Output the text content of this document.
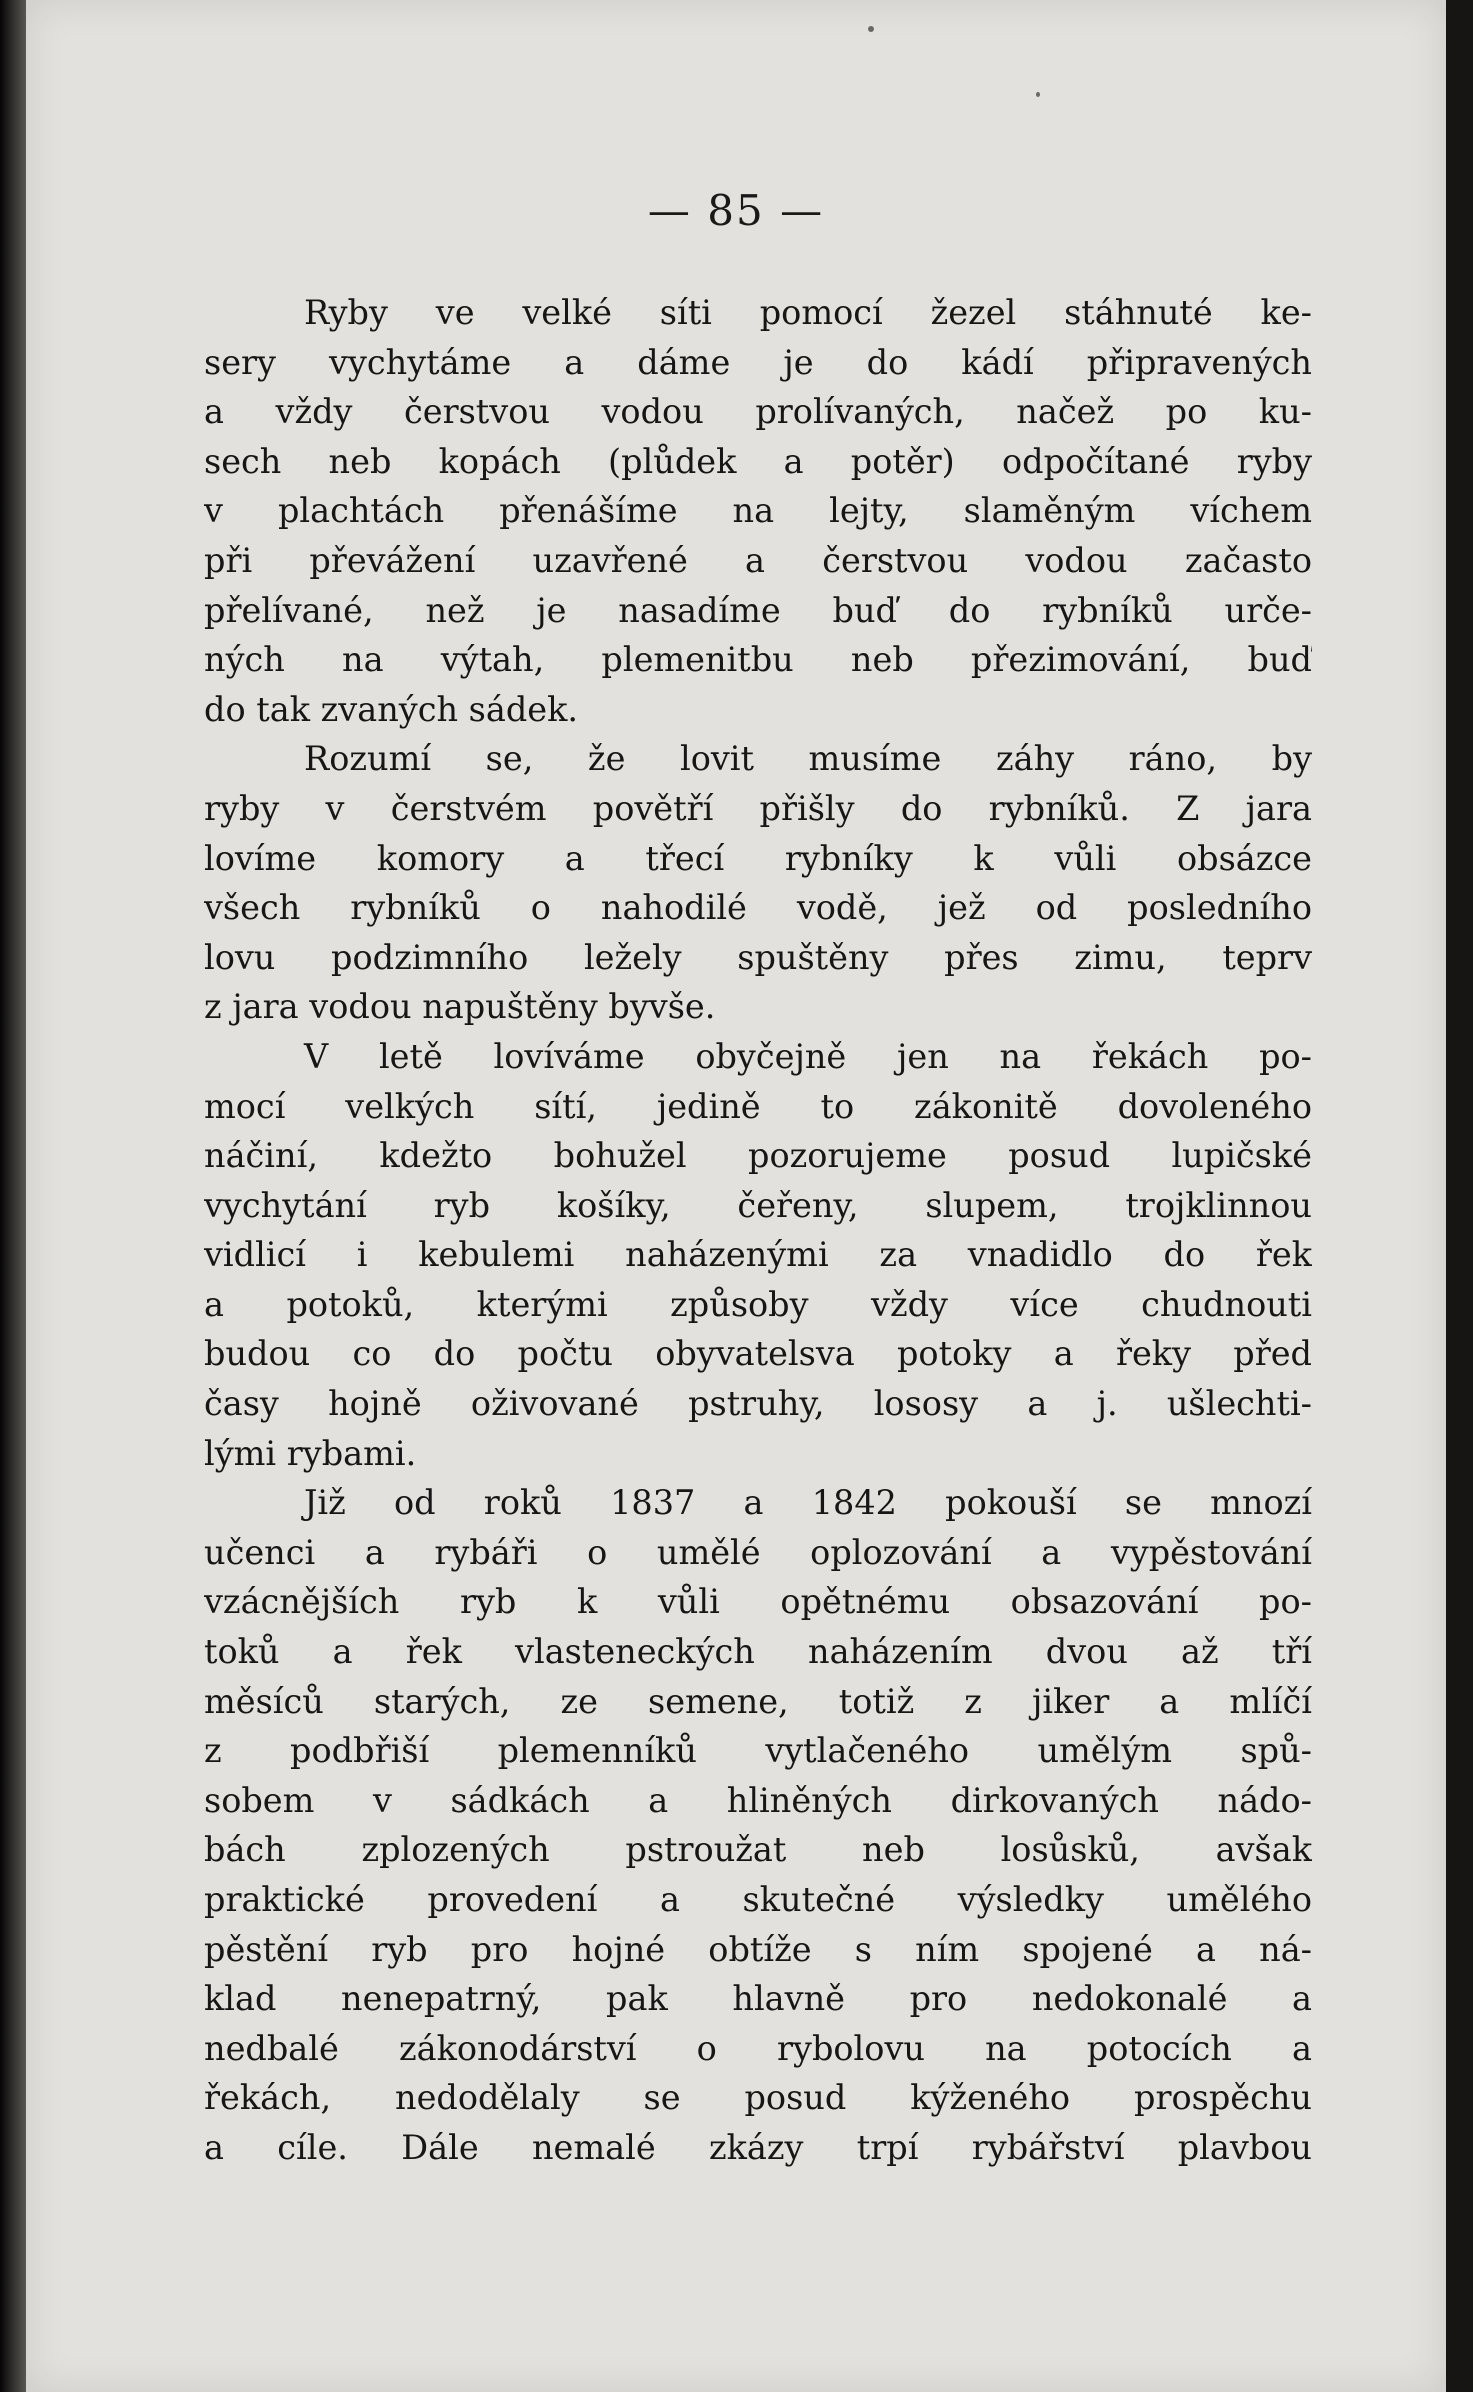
— 85 —
Ryby ve velké síti pomocí žezel stáhnuté ke-
sery vychytáme a dáme je do kádí připravených
a vždy čerstvou vodou prolívaných, načež po ku-
sech neb kopách (plůdek a potěr) odpočítané ryby
v plachtách přenášíme na lejty, slaměným víchem
při převážení uzavřené a čerstvou vodou začasto
přelívané, než je nasadíme buď do rybníků urče-
ných na výtah, plemenitbu neb přezimování, buď
do tak zvaných sádek.
Rozumí se, že lovit musíme záhy ráno, by
ryby v čerstvém povětří přišly do rybníků. Z jara
lovíme komory a třecí rybníky k vůli obsázce
všech rybníků o nahodilé vodě, jež od posledního
lovu podzimního ležely spuštěny přes zimu, teprv
z jara vodou napuštěny byvše.
V letě lovíváme obyčejně jen na řekách po-
mocí velkých sítí, jedině to zákonitě dovoleného
náčiní, kdežto bohužel pozorujeme posud lupičské
vychytání ryb košíky, čeřeny, slupem, trojklinnou
vidlicí i kebulemi naházenými za vnadidlo do řek
a potoků, kterými způsoby vždy více chudnouti
budou co do počtu obyvatelsva potoky a řeky před
časy hojně oživované pstruhy, lososy a j. ušlechti-
lými rybami.
Již od roků 1837 a 1842 pokouší se mnozí
učenci a rybáři o umělé oplozování a vypěstování
vzácnějších ryb k vůli opětnému obsazování po-
toků a řek vlasteneckých naházením dvou až tří
měsíců starých, ze semene, totiž z jiker a mlíčí
z podbřiší plemenníků vytlačeného umělým spů-
sobem v sádkách a hliněných dirkovaných nádo-
bách zplozených pstroužat neb losůsků, avšak
praktické provedení a skutečné výsledky umělého
pěstění ryb pro hojné obtíže s ním spojené a ná-
klad nenepatrný, pak hlavně pro nedokonalé a
nedbalé zákonodárství o rybolovu na potocích a
řekách, nedodělaly se posud kýženého prospěchu
a cíle. Dále nemalé zkázy trpí rybářství plavbou
